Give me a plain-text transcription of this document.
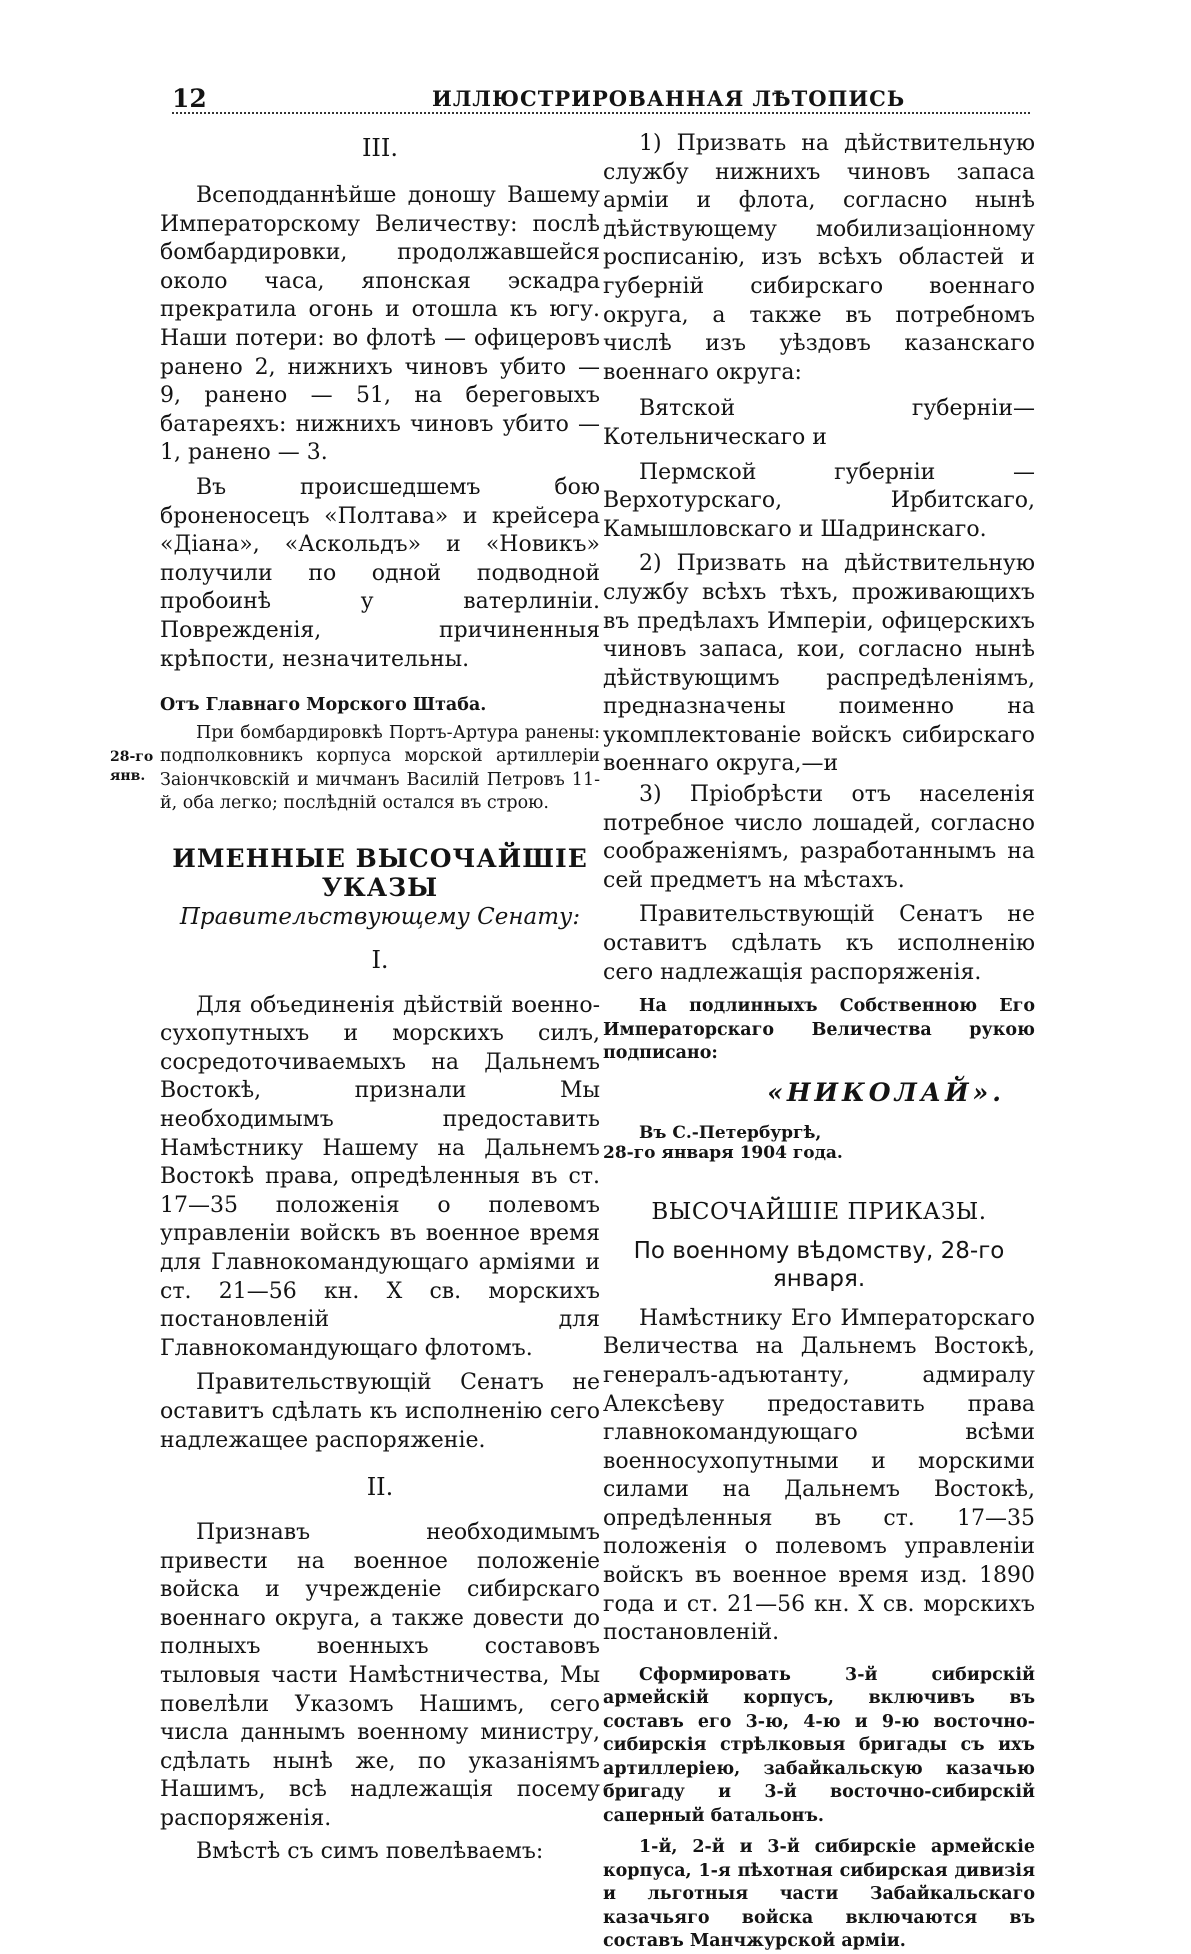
12	ИЛЛЮСТРИРОВАННАЯ ЛѢТОПИСЬ
28-го
янв.

III.

Всеподданнѣйше доношу Вашему Императорскому Величеству: послѣ бомбардировки, продолжавшейся около часа, японская эскадра прекратила огонь и отошла къ югу. Наши потери: во флотѣ — офицеровъ ранено 2, нижнихъ чиновъ убито — 9, ранено — 51, на береговыхъ батареяхъ: нижнихъ чиновъ убито — 1, ранено — 3.

Въ происшедшемъ бою броненосецъ «Полтава» и крейсера «Діана», «Аскольдъ» и «Новикъ» получили по одной подводной пробоинѣ у ватерлиніи. Поврежденія, причиненныя крѣпости, незначительны.

Отъ Главнаго Морского Штаба.

При бомбардировкѣ Портъ-Артура ранены: подполковникъ корпуса морской артиллеріи Заіончковскій и мичманъ Василій Петровъ 11-й, оба легко; послѣдній остался въ строю.

ИМЕННЫЕ ВЫСОЧАЙШІЕ УКАЗЫ

Правительствующему Сенату:

I.

Для объединенія дѣйствій военно-сухопутныхъ и морскихъ силъ, сосредоточиваемыхъ на Дальнемъ Востокѣ, признали Мы необходимымъ предоставить Намѣстнику Нашему на Дальнемъ Востокѣ права, опредѣленныя въ ст. 17—35 положенія о полевомъ управленіи войскъ въ военное время для Главнокомандующаго арміями и ст. 21—56 кн. X св. морскихъ постановленій для Главнокомандующаго флотомъ.

Правительствующій Сенатъ не оставитъ сдѣлать къ исполненію сего надлежащее распоряженіе.

II.

Признавъ необходимымъ привести на военное положеніе войска и учрежденіе сибирскаго военнаго округа, а также довести до полныхъ военныхъ составовъ тыловыя части Намѣстничества, Мы повелѣли Указомъ Нашимъ, сего числа даннымъ военному министру, сдѣлать нынѣ же, по указаніямъ Нашимъ, всѣ надлежащія посему распоряженія.

Вмѣстѣ съ симъ повелѣваемъ:

1) Призвать на дѣйствительную службу нижнихъ чиновъ запаса арміи и флота, согласно нынѣ дѣйствующему мобилизаціонному росписанію, изъ всѣхъ областей и губерній сибирскаго военнаго округа, а также въ потребномъ числѣ изъ уѣздовъ казанскаго военнаго округа:

Вятской губерніи—Котельническаго и

Пермской губерніи — Верхотурскаго, Ирбитскаго, Камышловскаго и Шадринскаго.

2) Призвать на дѣйствительную службу всѣхъ тѣхъ, проживающихъ въ предѣлахъ Имперіи, офицерскихъ чиновъ запаса, кои, согласно нынѣ дѣйствующимъ распредѣленіямъ, предназначены поименно на укомплектованіе войскъ сибирскаго военнаго округа,—и

3) Пріобрѣсти отъ населенія потребное число лошадей, согласно соображеніямъ, разработаннымъ на сей предметъ на мѣстахъ.

Правительствующій Сенатъ не оставитъ сдѣлать къ исполненію сего надлежащія распоряженія.

На подлинныхъ Собственною Его Императорскаго Величества рукою подписано:

«НИКОЛАЙ».

Въ С.-Петербургѣ,

28-го января 1904 года.

ВЫСОЧАЙШІЕ ПРИКАЗЫ.

По военному вѣдомству, 28-го января.

Намѣстнику Его Императорскаго Величества на Дальнемъ Востокѣ, генералъ-адъютанту, адмиралу Алексѣеву предоставить права главнокомандующаго всѣми военносухопутными и морскими силами на Дальнемъ Востокѣ, опредѣленныя въ ст. 17—35 положенія о полевомъ управленіи войскъ въ военное время изд. 1890 года и ст. 21—56 кн. X св. морскихъ постановленій.

Сформировать 3-й сибирскій армейскій корпусъ, включивъ въ составъ его 3-ю, 4-ю и 9-ю восточно-сибирскія стрѣлковыя бригады съ ихъ артиллеріею, забайкальскую казачью бригаду и 3-й восточно-сибирскій саперный батальонъ.

1-й, 2-й и 3-й сибирскіе армейскіе корпуса, 1-я пѣхотная сибирская дивизія и льготныя части Забайкальскаго казачьяго войска включаются въ составъ Манчжурской арміи.
